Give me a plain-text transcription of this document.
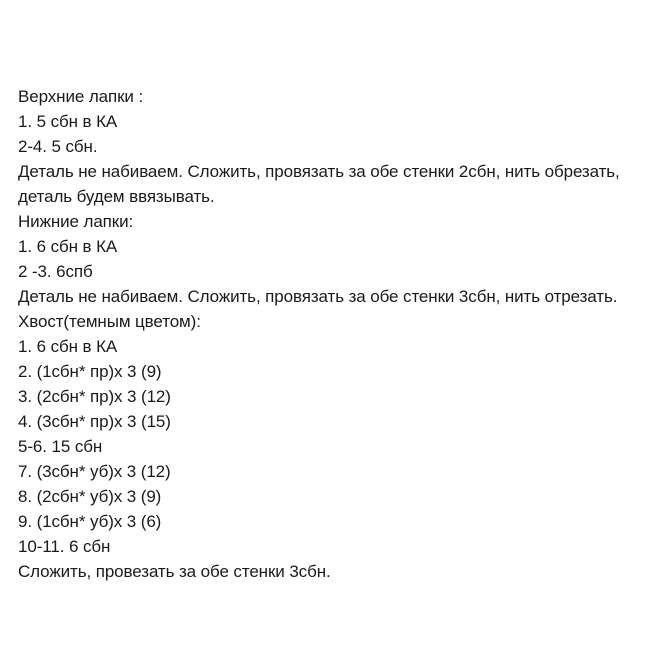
Верхние лапки :

1. 5 сбн в КА

2-4. 5 сбн.

Деталь не набиваем. Сложить, провязать за обе стенки 2сбн, нить обрезать,

деталь будем ввязывать.

Нижние лапки:

1. 6 сбн в КА

2 -3. 6спб

Деталь не набиваем. Сложить, провязать за обе стенки 3сбн, нить отрезать.

Хвост(темным цветом):

1. 6 сбн в КА

2. (1сбн* пр)х 3 (9)

3. (2сбн* пр)х 3 (12)

4. (3сбн* пр)х 3 (15)

5-6. 15 сбн

7. (3сбн* уб)х 3 (12)

8. (2сбн* уб)х 3 (9)

9. (1сбн* уб)х 3 (6)

10-11. 6 сбн

Сложить, провезать за обе стенки 3сбн.
